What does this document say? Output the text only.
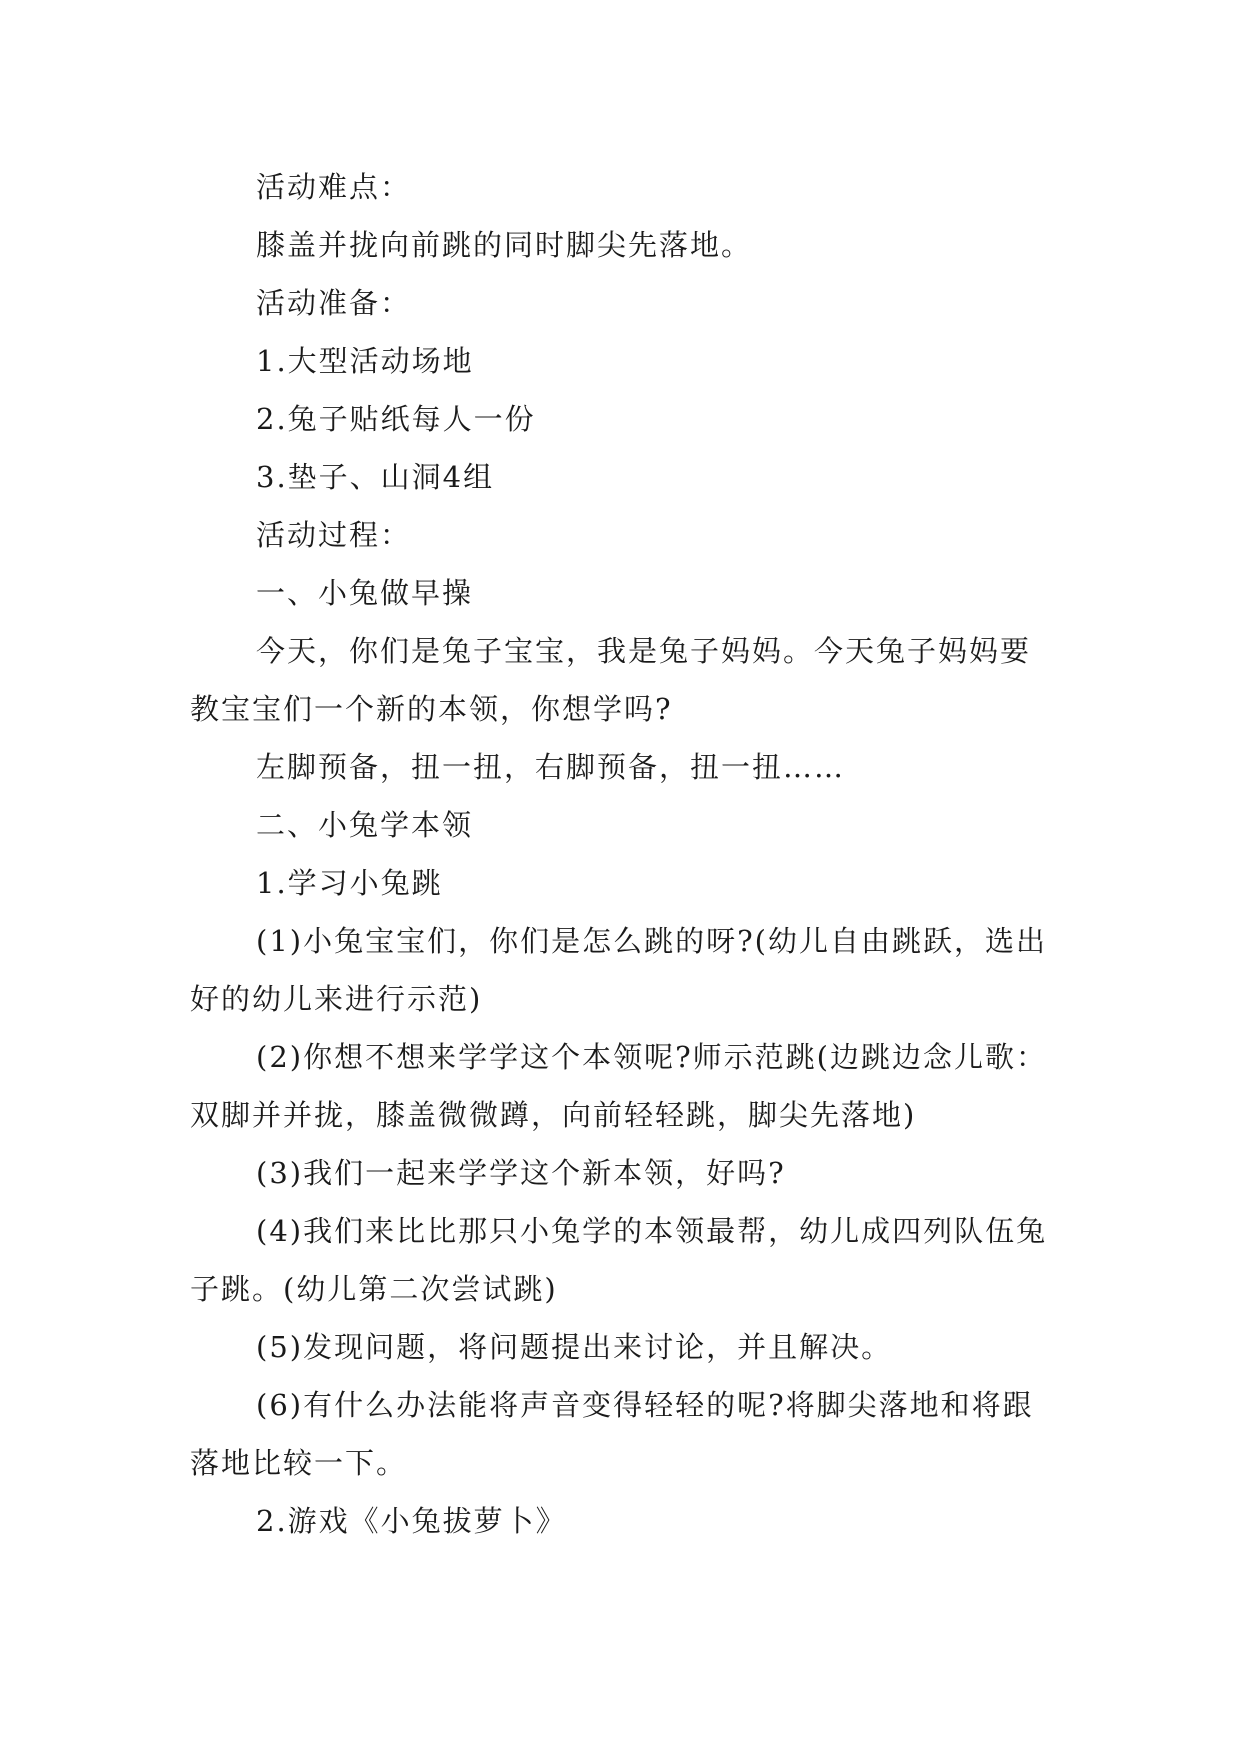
活动难点：

膝盖并拢向前跳的同时脚尖先落地。

活动准备：

1.大型活动场地

2.兔子贴纸每人一份

3.垫子、山洞4组

活动过程：

一、小兔做早操

今天，你们是兔子宝宝，我是兔子妈妈。今天兔子妈妈要教宝宝们一个新的本领，你想学吗?

左脚预备，扭一扭，右脚预备，扭一扭……

二、小兔学本领

1.学习小兔跳

(1)小兔宝宝们，你们是怎么跳的呀?(幼儿自由跳跃，选出好的幼儿来进行示范)

(2)你想不想来学学这个本领呢?师示范跳(边跳边念儿歌：双脚并并拢，膝盖微微蹲，向前轻轻跳，脚尖先落地)

(3)我们一起来学学这个新本领，好吗?

(4)我们来比比那只小兔学的本领最帮，幼儿成四列队伍兔子跳。(幼儿第二次尝试跳)

(5)发现问题，将问题提出来讨论，并且解决。

(6)有什么办法能将声音变得轻轻的呢?将脚尖落地和将跟落地比较一下。

2.游戏《小兔拔萝卜》
